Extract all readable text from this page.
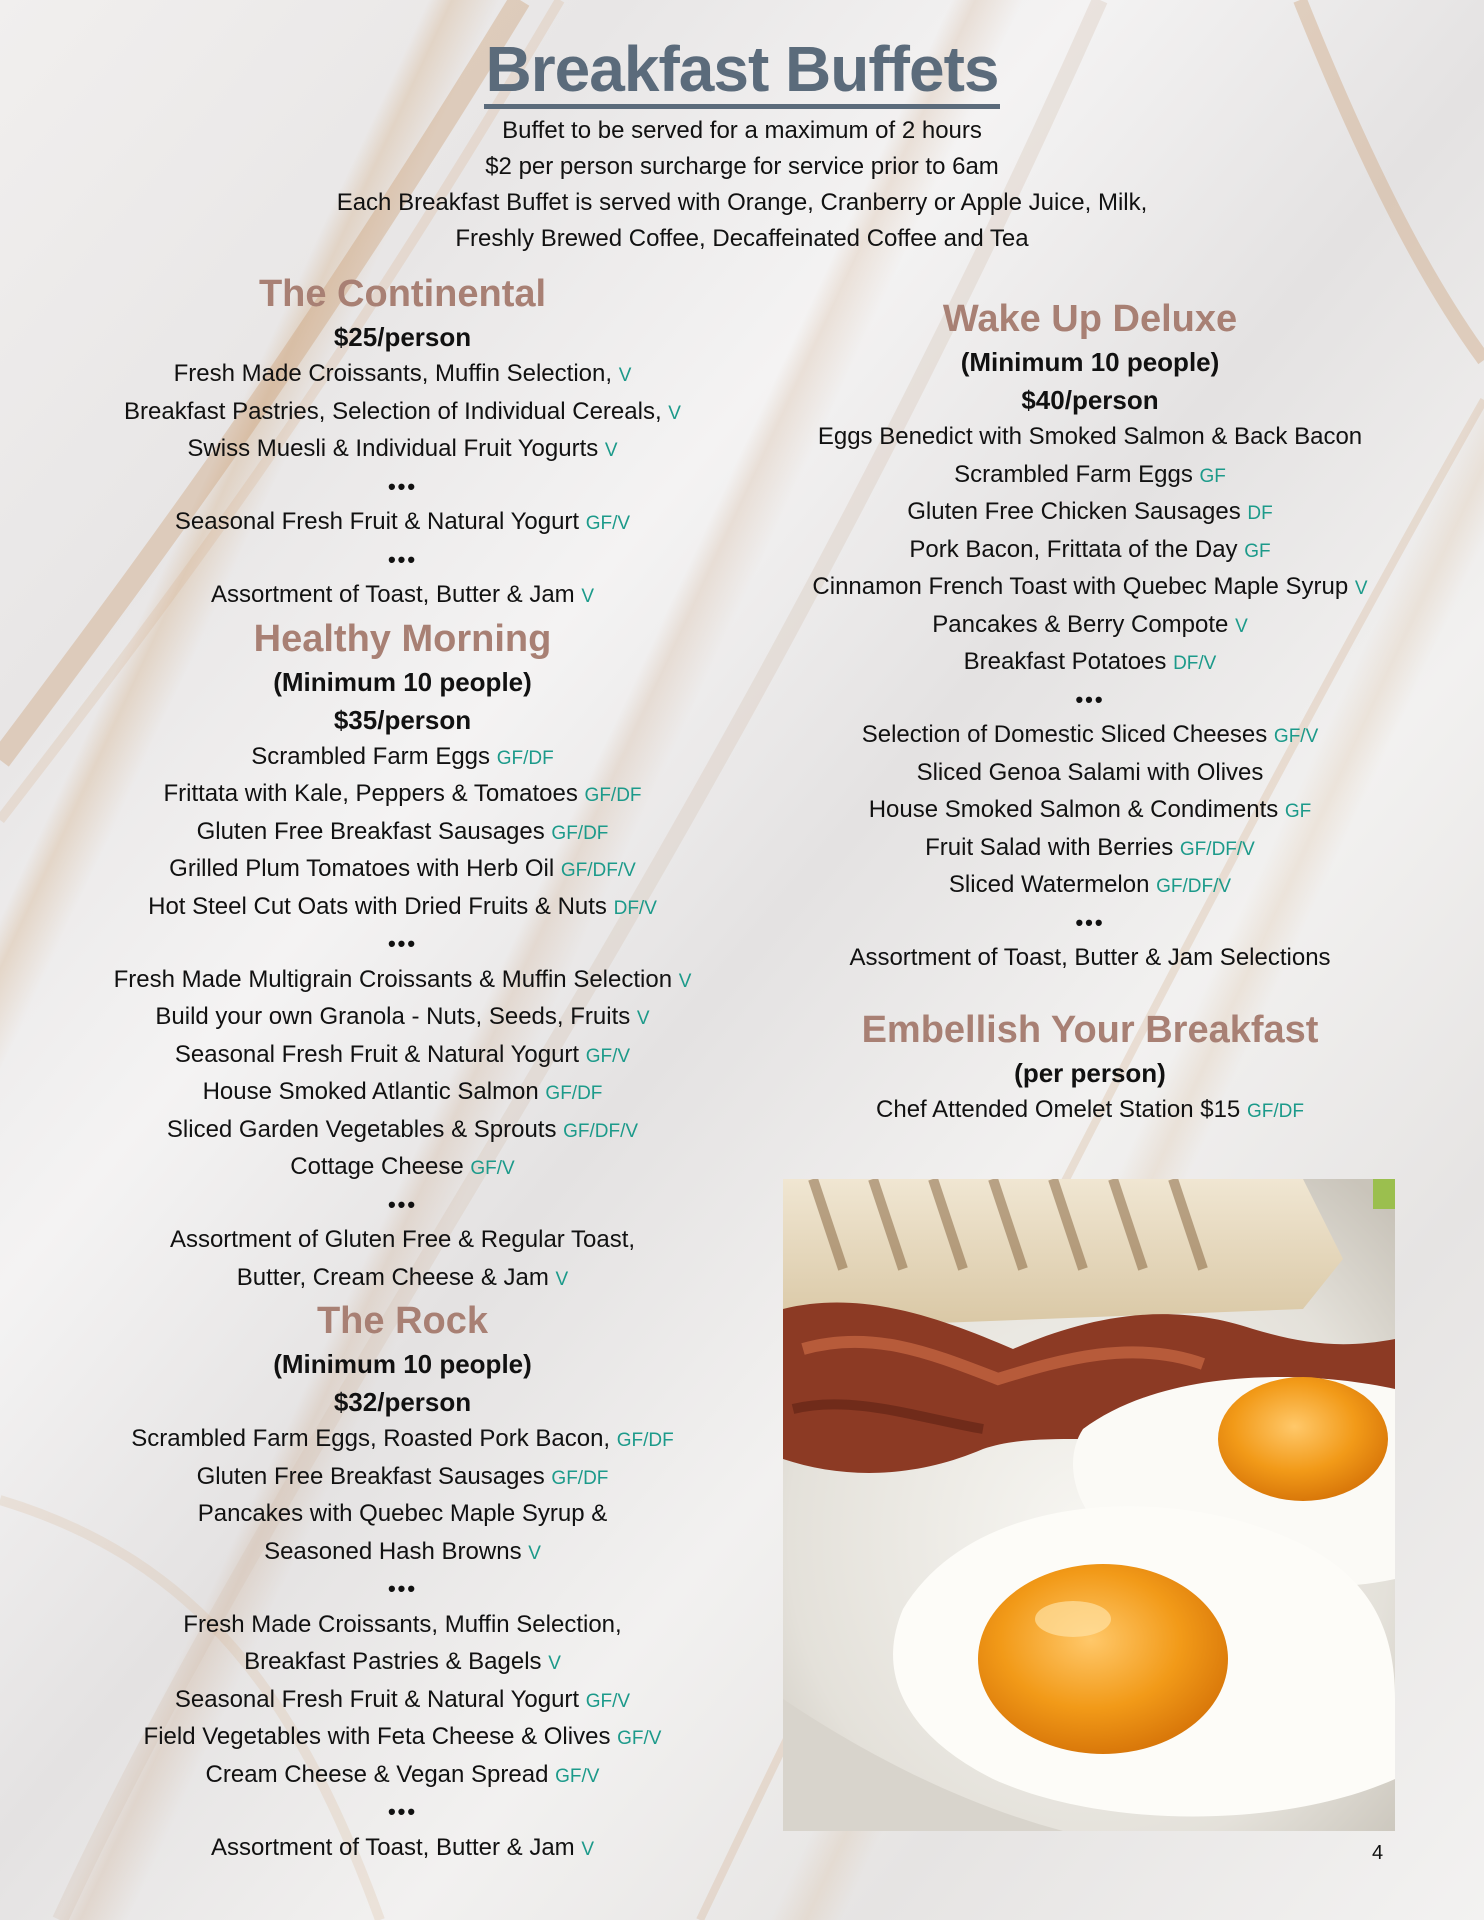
Breakfast Buffets
Buffet to be served for a maximum of 2 hours
$2 per person surcharge for service prior to 6am
Each Breakfast Buffet is served with Orange, Cranberry or Apple Juice, Milk,
Freshly Brewed Coffee, Decaffeinated Coffee and Tea
The Continental
$25/person
Fresh Made Croissants, Muffin Selection, V
Breakfast Pastries, Selection of Individual Cereals, V
Swiss Muesli & Individual Fruit Yogurts V
•••
Seasonal Fresh Fruit & Natural Yogurt GF/V
•••
Assortment of Toast, Butter & Jam V
Healthy Morning
(Minimum 10 people)
$35/person
Scrambled Farm Eggs GF/DF
Frittata with Kale, Peppers & Tomatoes GF/DF
Gluten Free Breakfast Sausages GF/DF
Grilled Plum Tomatoes with Herb Oil GF/DF/V
Hot Steel Cut Oats with Dried Fruits & Nuts DF/V
•••
Fresh Made Multigrain Croissants & Muffin Selection V
Build your own Granola - Nuts, Seeds, Fruits V
Seasonal Fresh Fruit & Natural Yogurt GF/V
House Smoked Atlantic Salmon GF/DF
Sliced Garden Vegetables & Sprouts GF/DF/V
Cottage Cheese GF/V
•••
Assortment of Gluten Free & Regular Toast,
Butter, Cream Cheese & Jam V
The Rock
(Minimum 10 people)
$32/person
Scrambled Farm Eggs, Roasted Pork Bacon, GF/DF
Gluten Free Breakfast Sausages GF/DF
Pancakes with Quebec Maple Syrup &
Seasoned Hash Browns V
•••
Fresh Made Croissants, Muffin Selection,
Breakfast Pastries & Bagels V
Seasonal Fresh Fruit & Natural Yogurt GF/V
Field Vegetables with Feta Cheese & Olives GF/V
Cream Cheese & Vegan Spread GF/V
•••
Assortment of Toast, Butter & Jam V
Wake Up Deluxe
(Minimum 10 people)
$40/person
Eggs Benedict with Smoked Salmon & Back Bacon
Scrambled Farm Eggs GF
Gluten Free Chicken Sausages DF
Pork Bacon, Frittata of the Day GF
Cinnamon French Toast with Quebec Maple Syrup V
Pancakes & Berry Compote V
Breakfast Potatoes DF/V
•••
Selection of Domestic Sliced Cheeses GF/V
Sliced Genoa Salami with Olives
House Smoked Salmon & Condiments GF
Fruit Salad with Berries GF/DF/V
Sliced Watermelon GF/DF/V
•••
Assortment of Toast, Butter & Jam Selections
Embellish Your Breakfast
(per person)
Chef Attended Omelet Station $15 GF/DF
4
